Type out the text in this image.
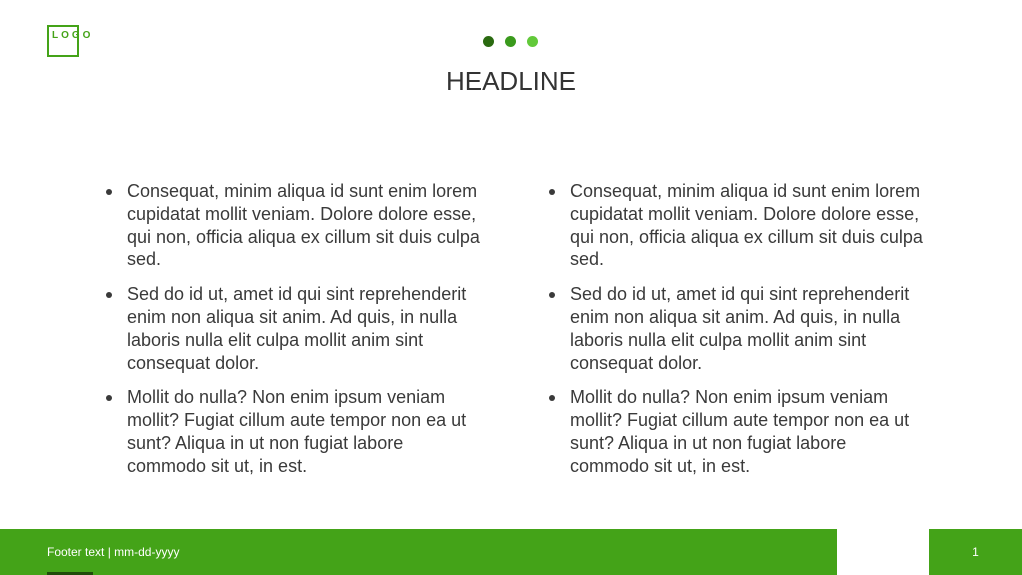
LOGO
HEADLINE
Consequat, minim aliqua id sunt enim lorem cupidatat mollit veniam. Dolore dolore esse, qui non, officia aliqua ex cillum sit duis culpa sed.
Sed do id ut, amet id qui sint reprehenderit enim non aliqua sit anim. Ad quis, in nulla laboris nulla elit culpa mollit anim sint consequat dolor.
Mollit do nulla? Non enim ipsum veniam mollit? Fugiat cillum aute tempor non ea ut sunt? Aliqua in ut non fugiat labore commodo sit ut, in est.
Consequat, minim aliqua id sunt enim lorem cupidatat mollit veniam. Dolore dolore esse, qui non, officia aliqua ex cillum sit duis culpa sed.
Sed do id ut, amet id qui sint reprehenderit enim non aliqua sit anim. Ad quis, in nulla laboris nulla elit culpa mollit anim sint consequat dolor.
Mollit do nulla? Non enim ipsum veniam mollit? Fugiat cillum aute tempor non ea ut sunt? Aliqua in ut non fugiat labore commodo sit ut, in est.
Footer text | mm-dd-yyyy	1
